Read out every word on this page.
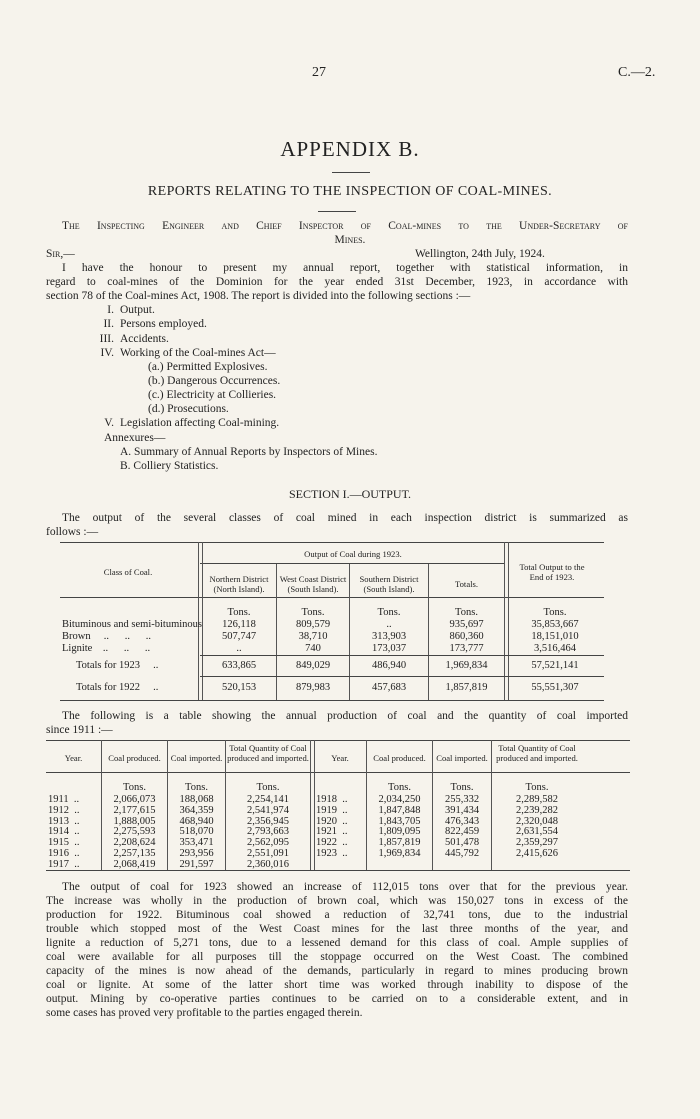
27	C.—2.
APPENDIX B.
REPORTS RELATING TO THE INSPECTION OF COAL-MINES.
The Inspecting Engineer and Chief Inspector of Coal-mines to the Under-Secretary of
Mines.
Sir,—	Wellington, 24th July, 1924.
I have the honour to present my annual report, together with statistical information, in
regard to coal-mines of the Dominion for the year ended 31st December, 1923, in accordance with
section 78 of the Coal-mines Act, 1908. The report is divided into the following sections :—
I. Output.
II. Persons employed.
III. Accidents.
IV. Working of the Coal-mines Act—
(a.) Permitted Explosives.
(b.) Dangerous Occurrences.
(c.) Electricity at Collieries.
(d.) Prosecutions.
V. Legislation affecting Coal-mining.
Annexures—
A. Summary of Annual Reports by Inspectors of Mines.
B. Colliery Statistics.
SECTION I.—OUTPUT.
The output of the several classes of coal mined in each inspection district is summarized as
follows :—
Class of Coal.
Output of Coal during 1923.
Northern District (North Island).
West Coast District (South Island).
Southern District (South Island).	Totals.
Total Output to the End of 1923.
Tons.	Tons.	Tons.	Tons.	Tons.
Bituminous and semi-bituminous	126,118	809,579	..	935,697	35,853,667
Brown     ..      ..      ..	507,747	38,710	313,903	860,360	18,151,010
Lignite    ..      ..      ..	..	740	173,037	173,777	3,516,464
Totals for 1923     ..	633,865	849,029	486,940	1,969,834	57,521,141
Totals for 1922     ..	520,153	879,983	457,683	1,857,819	55,551,307
The following is a table showing the annual production of coal and the quantity of coal imported
since 1911 :—
Year.	Coal produced.	Coal imported.
Total Quantity of Coal produced and imported.	Year.	Coal produced.	Coal imported.
Total Quantity of Coal produced and imported.
Tons.	Tons.	Tons.	Tons.	Tons.	Tons.
1911  ..	2,066,073	188,068	2,254,141
1912  ..	2,177,615	364,359	2,541,974
1913  ..	1,888,005	468,940	2,356,945
1914  ..	2,275,593	518,070	2,793,663
1915  ..	2,208,624	353,471	2,562,095
1916  ..	2,257,135	293,956	2,551,091
1917  ..	2,068,419	291,597	2,360,016
1918  ..	2,034,250	255,332	2,289,582
1919  ..	1,847,848	391,434	2,239,282
1920  ..	1,843,705	476,343	2,320,048
1921  ..	1,809,095	822,459	2,631,554
1922  ..	1,857,819	501,478	2,359,297
1923  ..	1,969,834	445,792	2,415,626
The output of coal for 1923 showed an increase of 112,015 tons over that for the previous year.
The increase was wholly in the production of brown coal, which was 150,027 tons in excess of the
production for 1922. Bituminous coal showed a reduction of 32,741 tons, due to the industrial
trouble which stopped most of the West Coast mines for the last three months of the year, and
lignite a reduction of 5,271 tons, due to a lessened demand for this class of coal. Ample supplies of
coal were available for all purposes till the stoppage occurred on the West Coast. The combined
capacity of the mines is now ahead of the demands, particularly in regard to mines producing brown
coal or lignite. At some of the latter short time was worked through inability to dispose of the
output. Mining by co-operative parties continues to be carried on to a considerable extent, and in
some cases has proved very profitable to the parties engaged therein.
